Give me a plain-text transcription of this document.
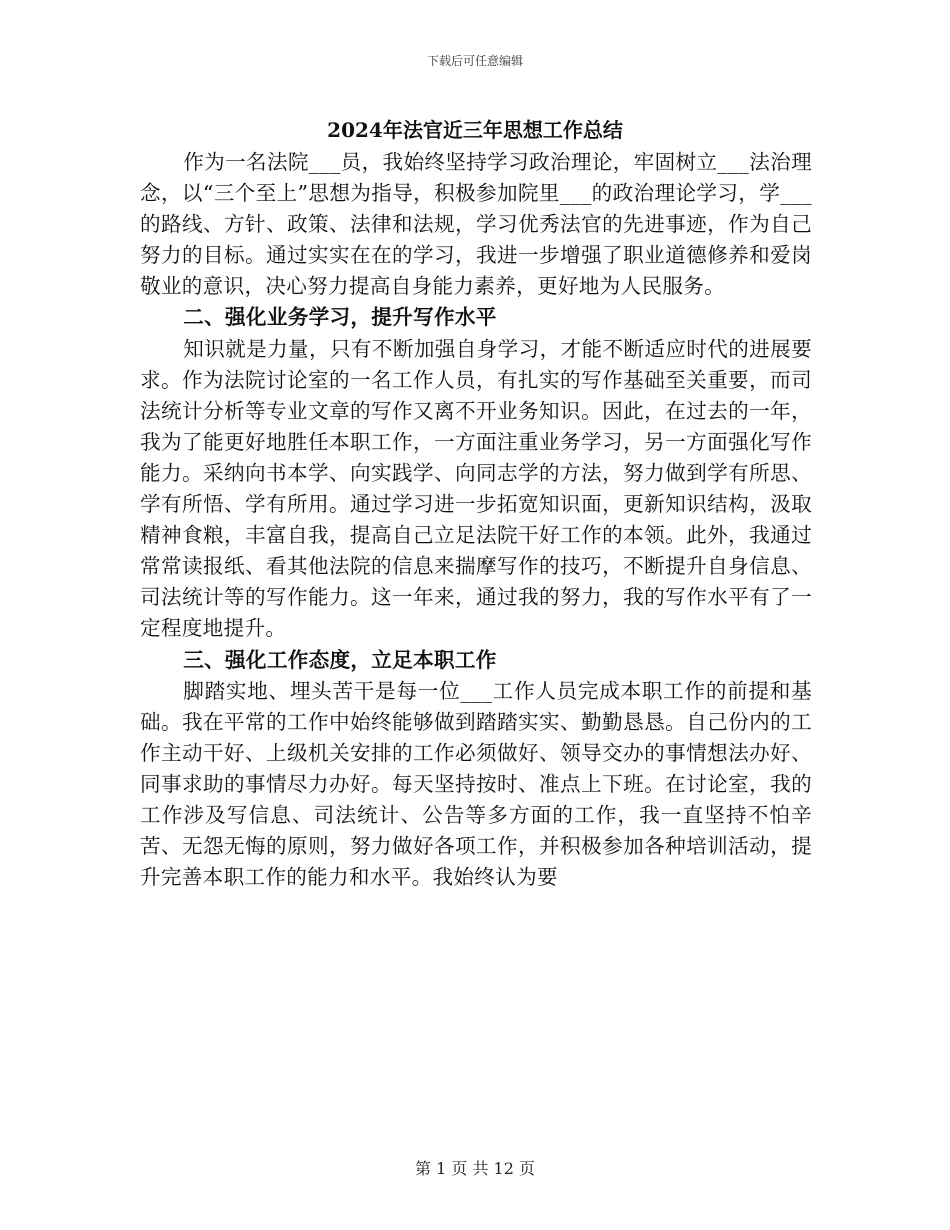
下载后可任意编辑
2024年法官近三年思想工作总结

作为一名法院___员，我始终坚持学习政治理论，牢固树立___法治理念，以“三个至上”思想为指导，积极参加院里___的政治理论学习，学___的路线、方针、政策、法律和法规，学习优秀法官的先进事迹，作为自己努力的目标。通过实实在在的学习，我进一步增强了职业道德修养和爱岗敬业的意识，决心努力提高自身能力素养，更好地为人民服务。

二、强化业务学习，提升写作水平

知识就是力量，只有不断加强自身学习，才能不断适应时代的进展要求。作为法院讨论室的一名工作人员，有扎实的写作基础至关重要，而司法统计分析等专业文章的写作又离不开业务知识。因此，在过去的一年，我为了能更好地胜任本职工作，一方面注重业务学习，另一方面强化写作能力。采纳向书本学、向实践学、向同志学的方法，努力做到学有所思、学有所悟、学有所用。通过学习进一步拓宽知识面，更新知识结构，汲取精神食粮，丰富自我，提高自己立足法院干好工作的本领。此外，我通过常常读报纸、看其他法院的信息来揣摩写作的技巧，不断提升自身信息、司法统计等的写作能力。这一年来，通过我的努力，我的写作水平有了一定程度地提升。

三、强化工作态度，立足本职工作

脚踏实地、埋头苦干是每一位___工作人员完成本职工作的前提和基础。我在平常的工作中始终能够做到踏踏实实、勤勤恳恳。自己份内的工作主动干好、上级机关安排的工作必须做好、领导交办的事情想法办好、同事求助的事情尽力办好。每天坚持按时、准点上下班。在讨论室，我的工作涉及写信息、司法统计、公告等多方面的工作，我一直坚持不怕辛苦、无怨无悔的原则，努力做好各项工作，并积极参加各种培训活动，提升完善本职工作的能力和水平。我始终认为要

第 1 页 共 12 页
